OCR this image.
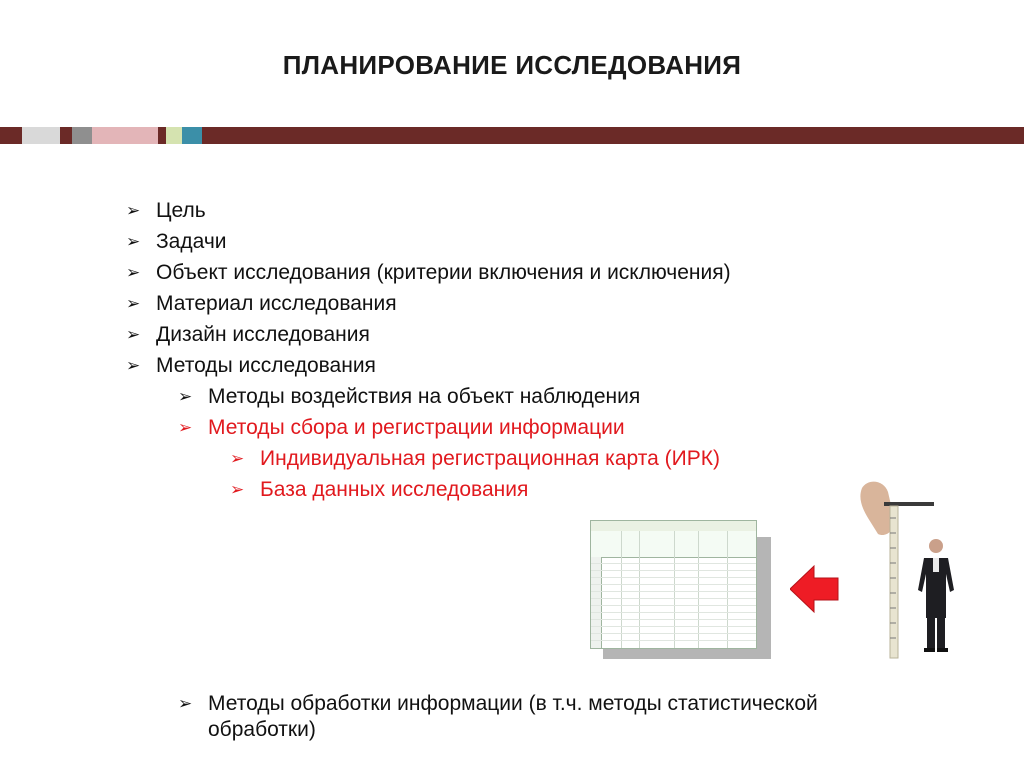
ПЛАНИРОВАНИЕ ИССЛЕДОВАНИЯ
➢ Цель
➢ Задачи
➢ Объект исследования (критерии включения и исключения)
➢ Материал исследования
➢ Дизайн исследования
➢ Методы исследования
➢ Методы воздействия на объект наблюдения
➢ Методы сбора и регистрации информации
➢ Индивидуальная регистрационная карта (ИРК)
➢ База данных исследования
➢ Методы обработки информации (в т.ч. методы статистической обработки)
